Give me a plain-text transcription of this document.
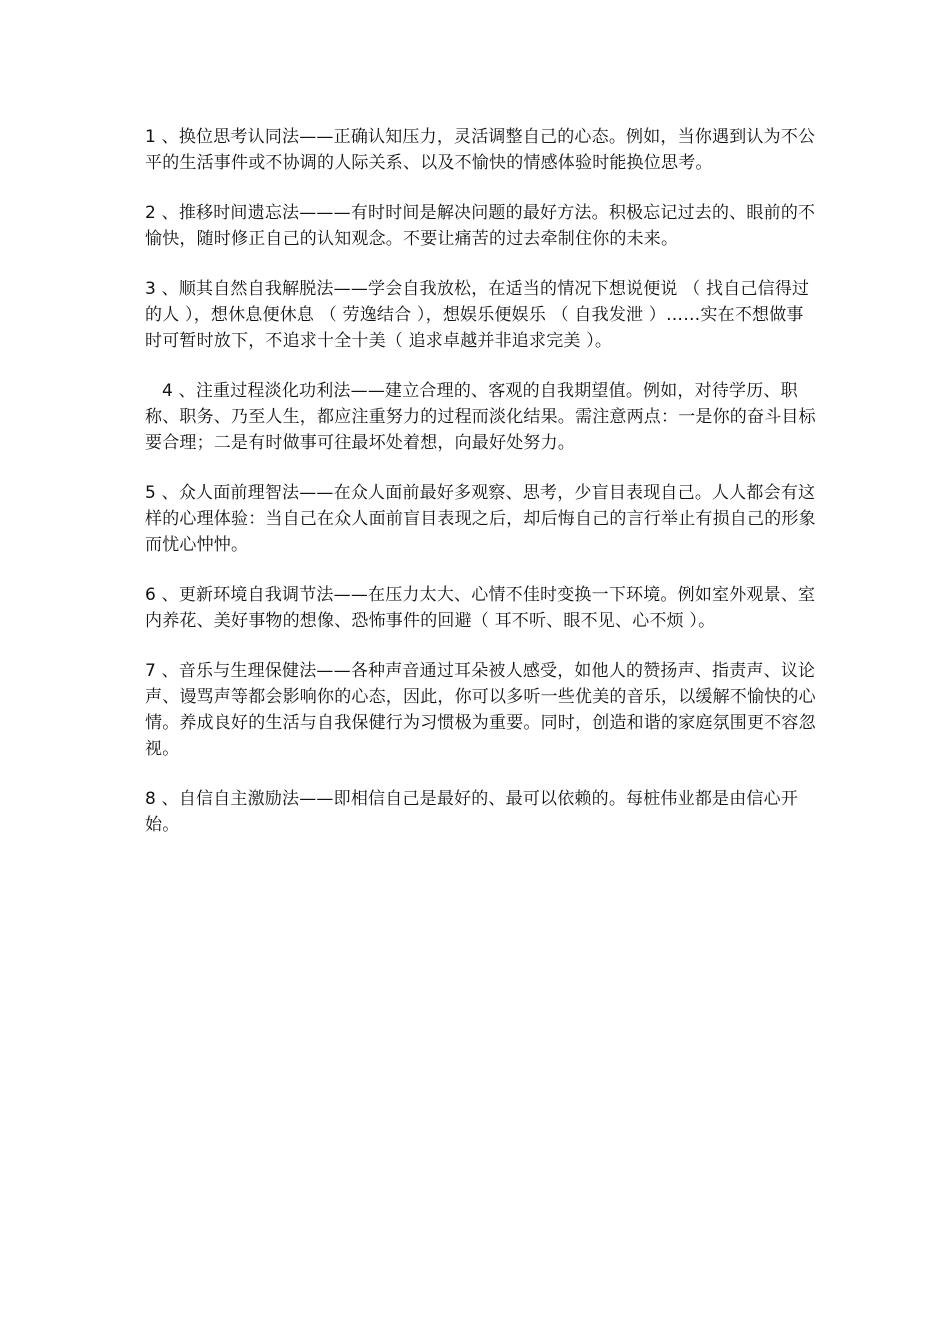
1 、换位思考认同法——正确认知压力，灵活调整自己的心态。例如，当你遇到认为不公平的生活事件或不协调的人际关系、以及不愉快的情感体验时能换位思考。

2 、推移时间遗忘法———有时时间是解决问题的最好方法。积极忘记过去的、眼前的不愉快，随时修正自己的认知观念。不要让痛苦的过去牵制住你的未来。

3 、顺其自然自我解脱法——学会自我放松，在适当的情况下想说便说 （ 找自己信得过的人 ），想休息便休息 （ 劳逸结合 ），想娱乐便娱乐 （ 自我发泄 ）……实在不想做事时可暂时放下，不追求十全十美（ 追求卓越并非追求完美 ）。

4 、注重过程淡化功利法——建立合理的、客观的自我期望值。例如，对待学历、职称、职务、乃至人生，都应注重努力的过程而淡化结果。需注意两点：一是你的奋斗目标要合理；二是有时做事可往最坏处着想，向最好处努力。

5 、众人面前理智法——在众人面前最好多观察、思考，少盲目表现自己。人人都会有这样的心理体验：当自己在众人面前盲目表现之后，却后悔自己的言行举止有损自己的形象而忧心忡忡。

6 、更新环境自我调节法——在压力太大、心情不佳时变换一下环境。例如室外观景、室内养花、美好事物的想像、恐怖事件的回避（ 耳不听、眼不见、心不烦 ）。

7 、音乐与生理保健法——各种声音通过耳朵被人感受，如他人的赞扬声、指责声、议论声、谩骂声等都会影响你的心态，因此，你可以多听一些优美的音乐，以缓解不愉快的心情。养成良好的生活与自我保健行为习惯极为重要。同时，创造和谐的家庭氛围更不容忽视。

8 、自信自主激励法——即相信自己是最好的、最可以依赖的。每桩伟业都是由信心开始。
